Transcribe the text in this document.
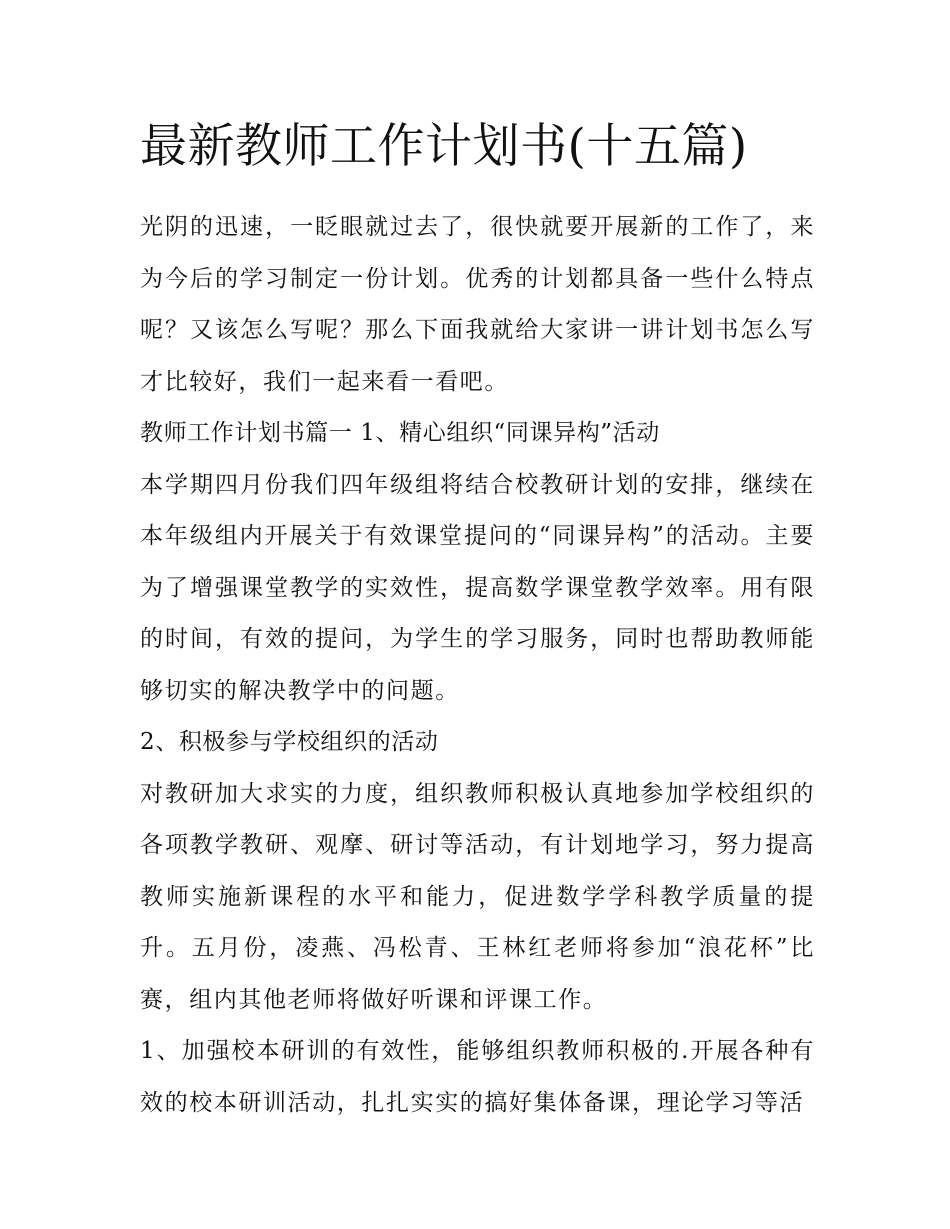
最新教师工作计划书(十五篇)

光阴的迅速，一眨眼就过去了，很快就要开展新的工作了，来为今后的学习制定一份计划。优秀的计划都具备一些什么特点呢？又该怎么写呢？那么下面我就给大家讲一讲计划书怎么写才比较好，我们一起来看一看吧。

教师工作计划书篇一 1、精心组织“同课异构”活动

本学期四月份我们四年级组将结合校教研计划的安排，继续在本年级组内开展关于有效课堂提问的“同课异构”的活动。主要为了增强课堂教学的实效性，提高数学课堂教学效率。用有限的时间，有效的提问，为学生的学习服务，同时也帮助教师能够切实的解决教学中的问题。

2、积极参与学校组织的活动

对教研加大求实的力度，组织教师积极认真地参加学校组织的各项教学教研、观摩、研讨等活动，有计划地学习，努力提高教师实施新课程的水平和能力，促进数学学科教学质量的提升。五月份，凌燕、冯松青、王林红老师将参加“浪花杯”比赛，组内其他老师将做好听课和评课工作。

1、加强校本研训的有效性，能够组织教师积极的.开展各种有效的校本研训活动，扎扎实实的搞好集体备课，理论学习等活
